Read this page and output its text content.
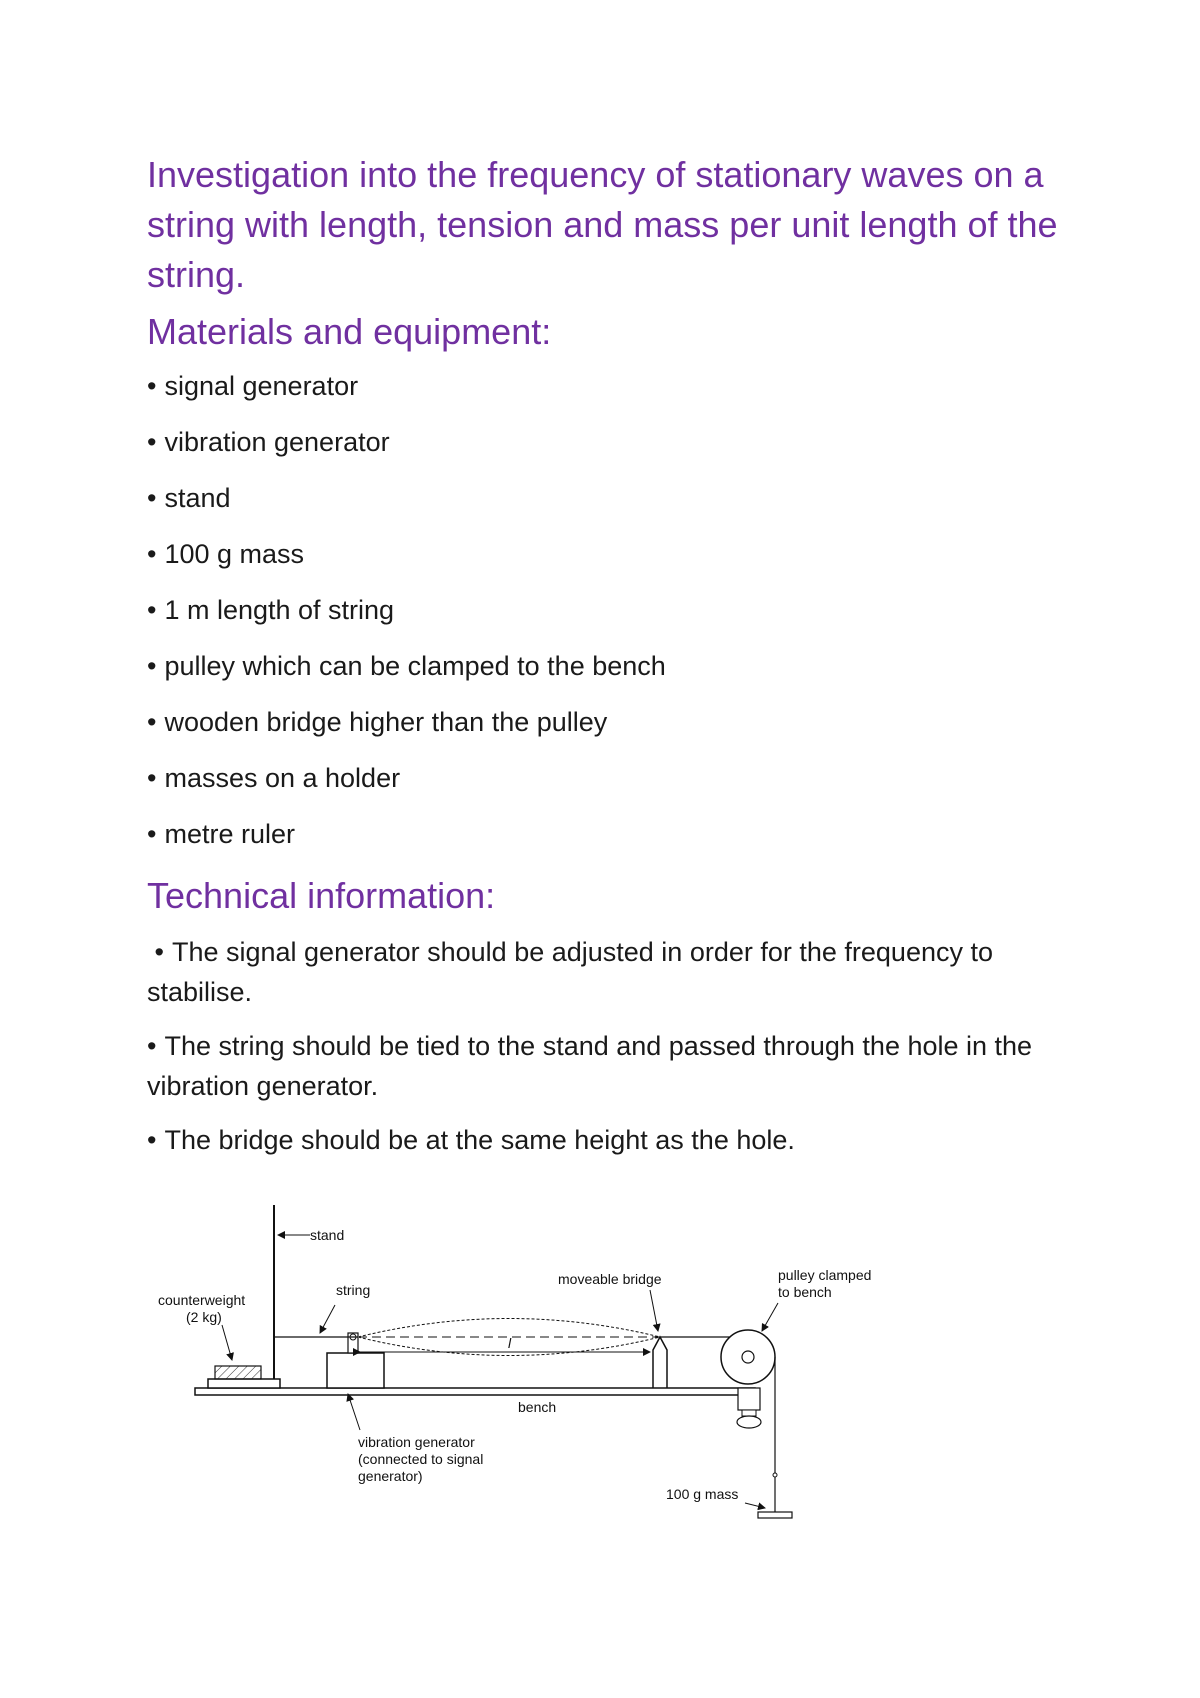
Investigation into the frequency of stationary waves on a string with length, tension and mass per unit length of the string.
Materials and equipment:
• signal generator
• vibration generator
• stand
• 100 g mass
• 1 m length of string
• pulley which can be clamped to the bench
• wooden bridge higher than the pulley
• masses on a holder
• metre ruler
Technical information:

• The signal generator should be adjusted in order for the frequency to stabilise.

• The string should be tied to the stand and passed through the hole in the vibration generator.

• The bridge should be at the same height as the hole.

l
stand
string
counterweight
(2 kg)
moveable bridge	pulley clamped
to bench
bench
vibration generator
(connected to signal
generator)
100 g mass
